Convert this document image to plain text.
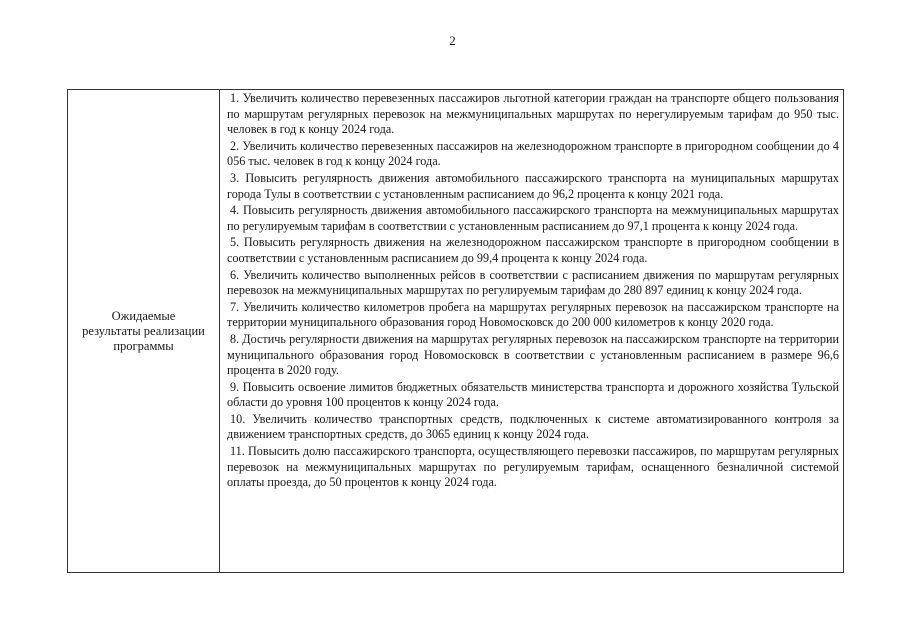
2
Ожидаемые
результаты реализации
программы

1. Увеличить количество перевезенных пассажиров льготной категории граждан на транспорте общего пользования по маршрутам регулярных перевозок на межмуниципальных маршрутах по нерегулируемым тарифам до 950 тыс. человек в год к концу 2024 года.

2. Увеличить количество перевезенных пассажиров на железнодорожном транспорте в пригородном сообщении до 4 056 тыс. человек в год к концу 2024 года.

3. Повысить регулярность движения автомобильного пассажирского транспорта на муниципальных маршрутах города Тулы в соответствии с установленным расписанием до 96,2 процента к концу 2021 года.

4. Повысить регулярность движения автомобильного пассажирского транспорта на межмуниципальных маршрутах по регулируемым тарифам в соответствии с установленным расписанием до 97,1 процента к концу 2024 года.

5. Повысить регулярность движения на железнодорожном пассажирском транспорте в пригородном сообщении в соответствии с установленным расписанием до 99,4 процента к концу 2024 года.

6. Увеличить количество выполненных рейсов в соответствии с расписанием движения по маршрутам регулярных перевозок на межмуниципальных маршрутах по регулируемым тарифам до 280 897 единиц к концу 2024 года.

7. Увеличить количество километров пробега на маршрутах регулярных перевозок на пассажирском транспорте на территории муниципального образования город Новомосковск до 200 000 километров к концу 2020 года.

8. Достичь регулярности движения на маршрутах регулярных перевозок на пассажирском транспорте на территории муниципального образования город Новомосковск в соответствии с установленным расписанием в размере 96,6 процента в 2020 году.

9. Повысить освоение лимитов бюджетных обязательств министерства транспорта и дорожного хозяйства Тульской области до уровня 100 процентов к концу 2024 года.

10. Увеличить количество транспортных средств, подключенных к системе автоматизированного контроля за движением транспортных средств, до 3065 единиц к концу 2024 года.

11. Повысить долю пассажирского транспорта, осуществляющего перевозки пассажиров, по маршрутам регулярных перевозок на межмуниципальных маршрутах по регулируемым тарифам, оснащенного безналичной системой оплаты проезда, до 50 процентов к концу 2024 года.
